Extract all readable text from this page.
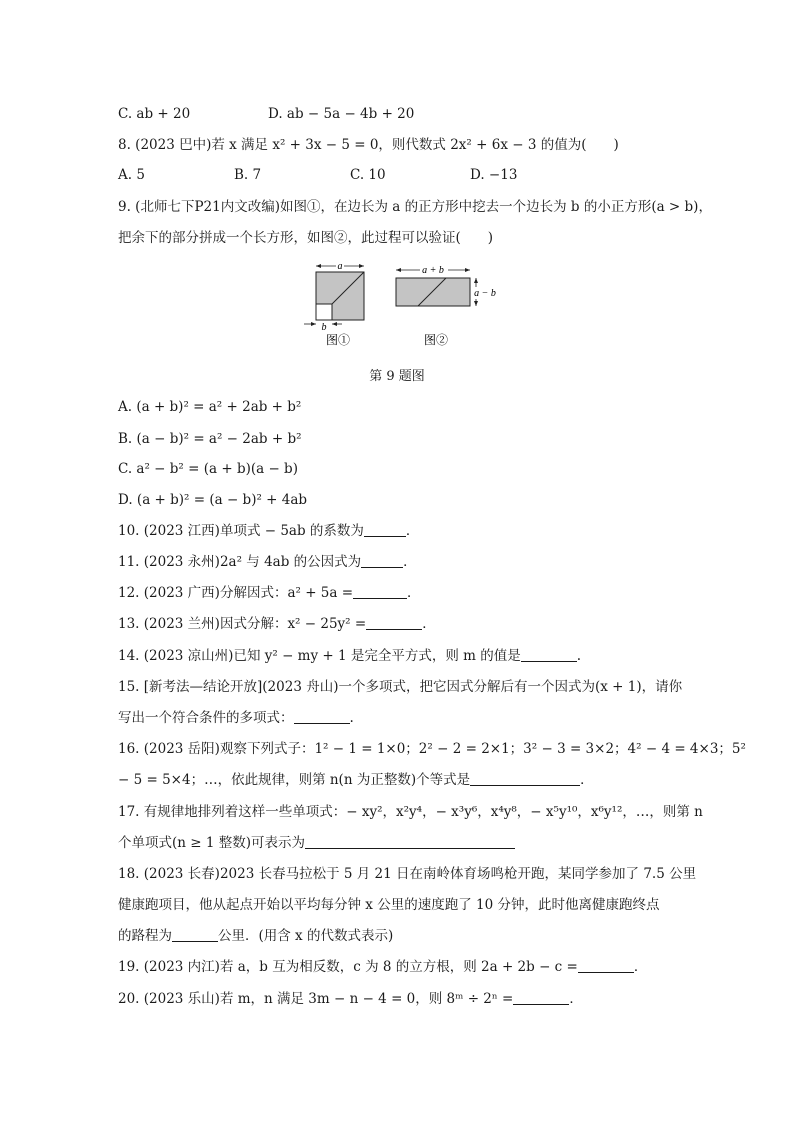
C. ab + 20	D. ab − 5a − 4b + 20
8. (2023 巴中)若 x 满足 x² + 3x − 5 = 0，则代数式 2x² + 6x − 3 的值为(　　)
A. 5	B. 7	C. 10	D. −13
9. (北师七下P21内文改编)如图①，在边长为 a 的正方形中挖去一个边长为 b 的小正方形(a > b)，
把余下的部分拼成一个长方形，如图②，此过程可以验证(　　)
a
b
图①
a + b
a − b
图②
第 9 题图
A. (a + b)² = a² + 2ab + b²
B. (a − b)² = a² − 2ab + b²
C. a² − b² = (a + b)(a − b)
D. (a + b)² = (a − b)² + 4ab
10. (2023 江西)单项式 − 5ab 的系数为	．
11. (2023 永州)2a² 与 4ab 的公因式为	．
12. (2023 广西)分解因式：a² + 5a =	．
13. (2023 兰州)因式分解：x² − 25y² =	．
14. (2023 凉山州)已知 y² − my + 1 是完全平方式，则 m 的值是	.
15. [新考法—结论开放](2023 舟山)一个多项式，把它因式分解后有一个因式为(x + 1)，请你
写出一个符合条件的多项式：	.
16. (2023 岳阳)观察下列式子：1² − 1 = 1×0；2² − 2 = 2×1；3² − 3 = 3×2；4² − 4 = 4×3；5²
− 5 = 5×4；…，依此规律，则第 n(n 为正整数)个等式是	．
17. 有规律地排列着这样一些单项式：− xy²，x²y⁴，− x³y⁶，x⁴y⁸，− x⁵y¹⁰，x⁶y¹²，…，则第 n
个单项式(n ≥ 1 整数)可表示为
18. (2023 长春)2023 长春马拉松于 5 月 21 日在南岭体育场鸣枪开跑，某同学参加了 7.5 公里
健康跑项目，他从起点开始以平均每分钟 x 公里的速度跑了 10 分钟，此时他离健康跑终点
的路程为	公里．(用含 x 的代数式表示)
19. (2023 内江)若 a，b 互为相反数，c 为 8 的立方根，则 2a + 2b − c =	．
20. (2023 乐山)若 m，n 满足 3m − n − 4 = 0，则 8ᵐ ÷ 2ⁿ =	．
